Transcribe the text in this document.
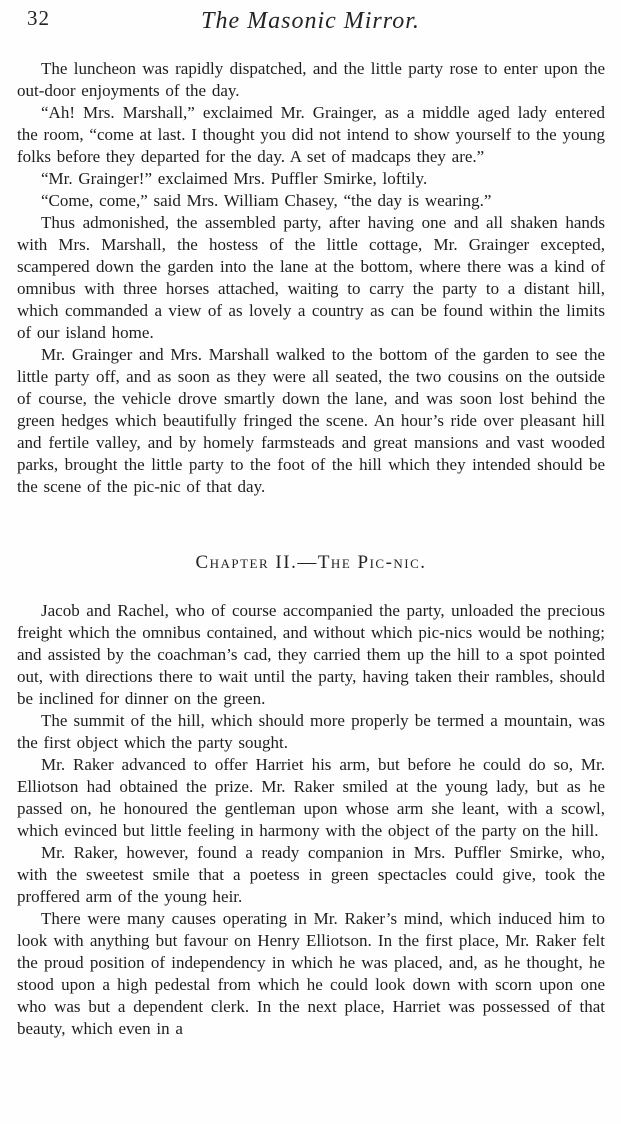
32	The Masonic Mirror.

The luncheon was rapidly dispatched, and the little party rose to enter upon the out-door enjoyments of the day.

“Ah! Mrs. Marshall,” exclaimed Mr. Grainger, as a middle aged lady entered the room, “come at last. I thought you did not intend to show yourself to the young folks before they departed for the day. A set of madcaps they are.”

“Mr. Grainger!” exclaimed Mrs. Puffler Smirke, loftily.

“Come, come,” said Mrs. William Chasey, “the day is wearing.”

Thus admonished, the assembled party, after having one and all shaken hands with Mrs. Marshall, the hostess of the little cottage, Mr. Grainger excepted, scampered down the garden into the lane at the bottom, where there was a kind of omnibus with three horses attached, waiting to carry the party to a distant hill, which commanded a view of as lovely a country as can be found within the limits of our island home.

Mr. Grainger and Mrs. Marshall walked to the bottom of the garden to see the little party off, and as soon as they were all seated, the two cousins on the outside of course, the vehicle drove smartly down the lane, and was soon lost behind the green hedges which beautifully fringed the scene. An hour’s ride over pleasant hill and fertile valley, and by homely farmsteads and great mansions and vast wooded parks, brought the little party to the foot of the hill which they intended should be the scene of the pic-nic of that day.

Chapter II.—The Pic-nic.

Jacob and Rachel, who of course accompanied the party, unloaded the precious freight which the omnibus contained, and without which pic-nics would be nothing; and assisted by the coachman’s cad, they carried them up the hill to a spot pointed out, with directions there to wait until the party, having taken their rambles, should be inclined for dinner on the green.

The summit of the hill, which should more properly be termed a mountain, was the first object which the party sought.

Mr. Raker advanced to offer Harriet his arm, but before he could do so, Mr. Elliotson had obtained the prize. Mr. Raker smiled at the young lady, but as he passed on, he honoured the gentleman upon whose arm she leant, with a scowl, which evinced but little feeling in harmony with the object of the party on the hill.

Mr. Raker, however, found a ready companion in Mrs. Puffler Smirke, who, with the sweetest smile that a poetess in green spectacles could give, took the proffered arm of the young heir.

There were many causes operating in Mr. Raker’s mind, which induced him to look with anything but favour on Henry Elliotson. In the first place, Mr. Raker felt the proud position of independency in which he was placed, and, as he thought, he stood upon a high pedestal from which he could look down with scorn upon one who was but a dependent clerk. In the next place, Harriet was possessed of that beauty, which even in a
